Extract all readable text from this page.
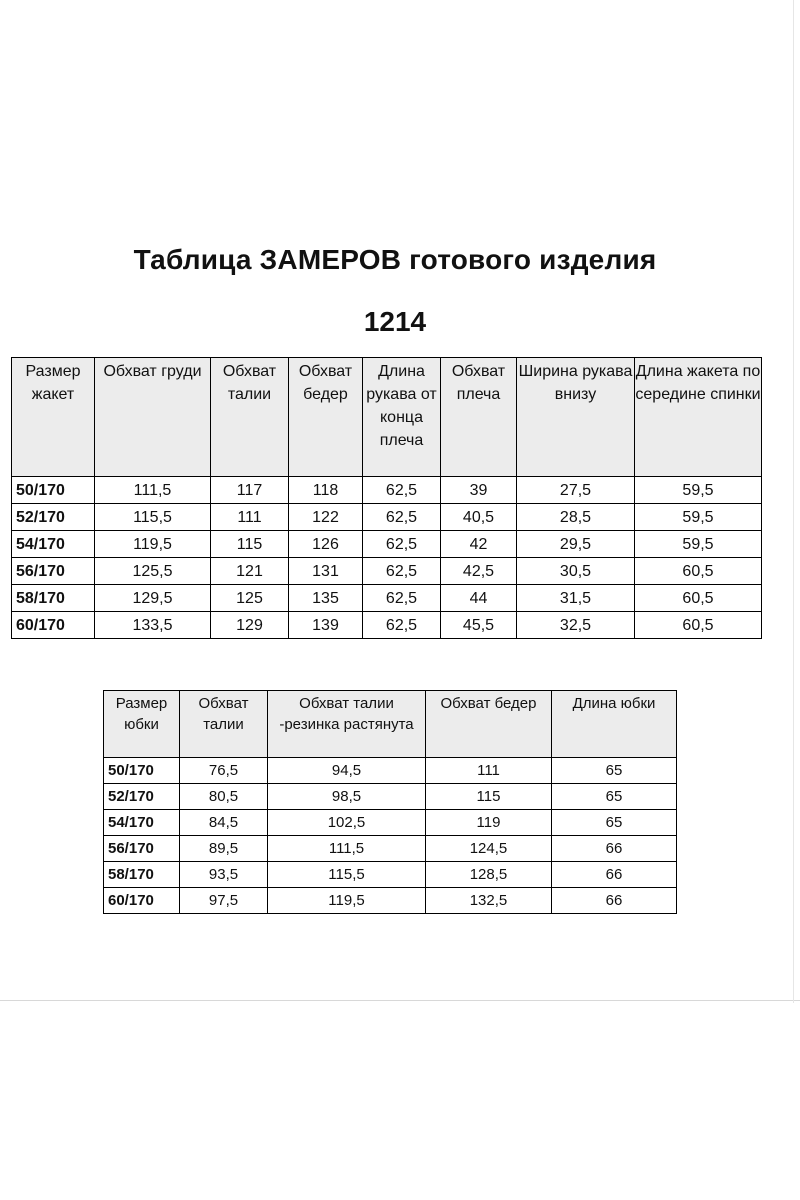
Таблица ЗАМЕРОВ готового изделия
1214
Размер жакет	Обхват груди	Обхват талии	Обхват бедер	Длина рукава от конца плеча	Обхват плеча	Ширина рукава внизу	Длина жакета по середине спинки
50/170	111,5	117	118	62,5	39	27,5	59,5
52/170	115,5	111	122	62,5	40,5	28,5	59,5
54/170	119,5	115	126	62,5	42	29,5	59,5
56/170	125,5	121	131	62,5	42,5	30,5	60,5
58/170	129,5	125	135	62,5	44	31,5	60,5
60/170	133,5	129	139	62,5	45,5	32,5	60,5
Размер юбки	Обхват талии	Обхват талии -резинка растянута	Обхват бедер	Длина юбки
50/170	76,5	94,5	111	65
52/170	80,5	98,5	115	65
54/170	84,5	102,5	119	65
56/170	89,5	111,5	124,5	66
58/170	93,5	115,5	128,5	66
60/170	97,5	119,5	132,5	66
